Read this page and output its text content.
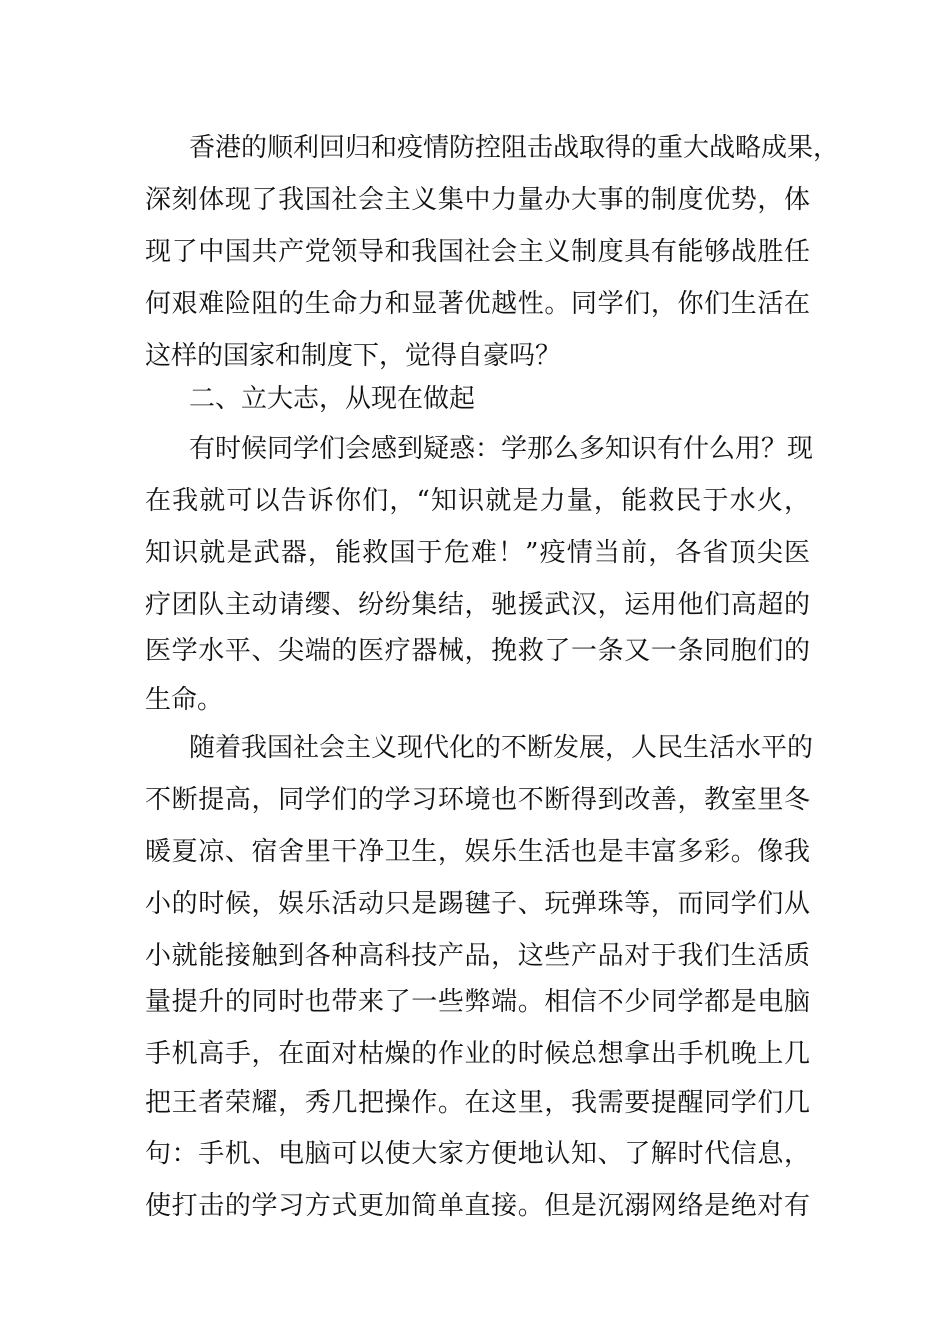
香港的顺利回归和疫情防控阻击战取得的重大战略成果，
深刻体现了我国社会主义集中力量办大事的制度优势，体
现了中国共产党领导和我国社会主义制度具有能够战胜任
何艰难险阻的生命力和显著优越性。同学们，你们生活在
这样的国家和制度下，觉得自豪吗？
二、立大志，从现在做起
有时候同学们会感到疑惑：学那么多知识有什么用？现
在我就可以告诉你们，“知识就是力量，能救民于水火，
知识就是武器，能救国于危难！”疫情当前，各省顶尖医
疗团队主动请缨、纷纷集结，驰援武汉，运用他们高超的
医学水平、尖端的医疗器械，挽救了一条又一条同胞们的
生命。
随着我国社会主义现代化的不断发展，人民生活水平的
不断提高，同学们的学习环境也不断得到改善，教室里冬
暖夏凉、宿舍里干净卫生，娱乐生活也是丰富多彩。像我
小的时候，娱乐活动只是踢毽子、玩弹珠等，而同学们从
小就能接触到各种高科技产品，这些产品对于我们生活质
量提升的同时也带来了一些弊端。相信不少同学都是电脑
手机高手，在面对枯燥的作业的时候总想拿出手机晚上几
把王者荣耀，秀几把操作。在这里，我需要提醒同学们几
句：手机、电脑可以使大家方便地认知、了解时代信息，
使打击的学习方式更加简单直接。但是沉溺网络是绝对有
